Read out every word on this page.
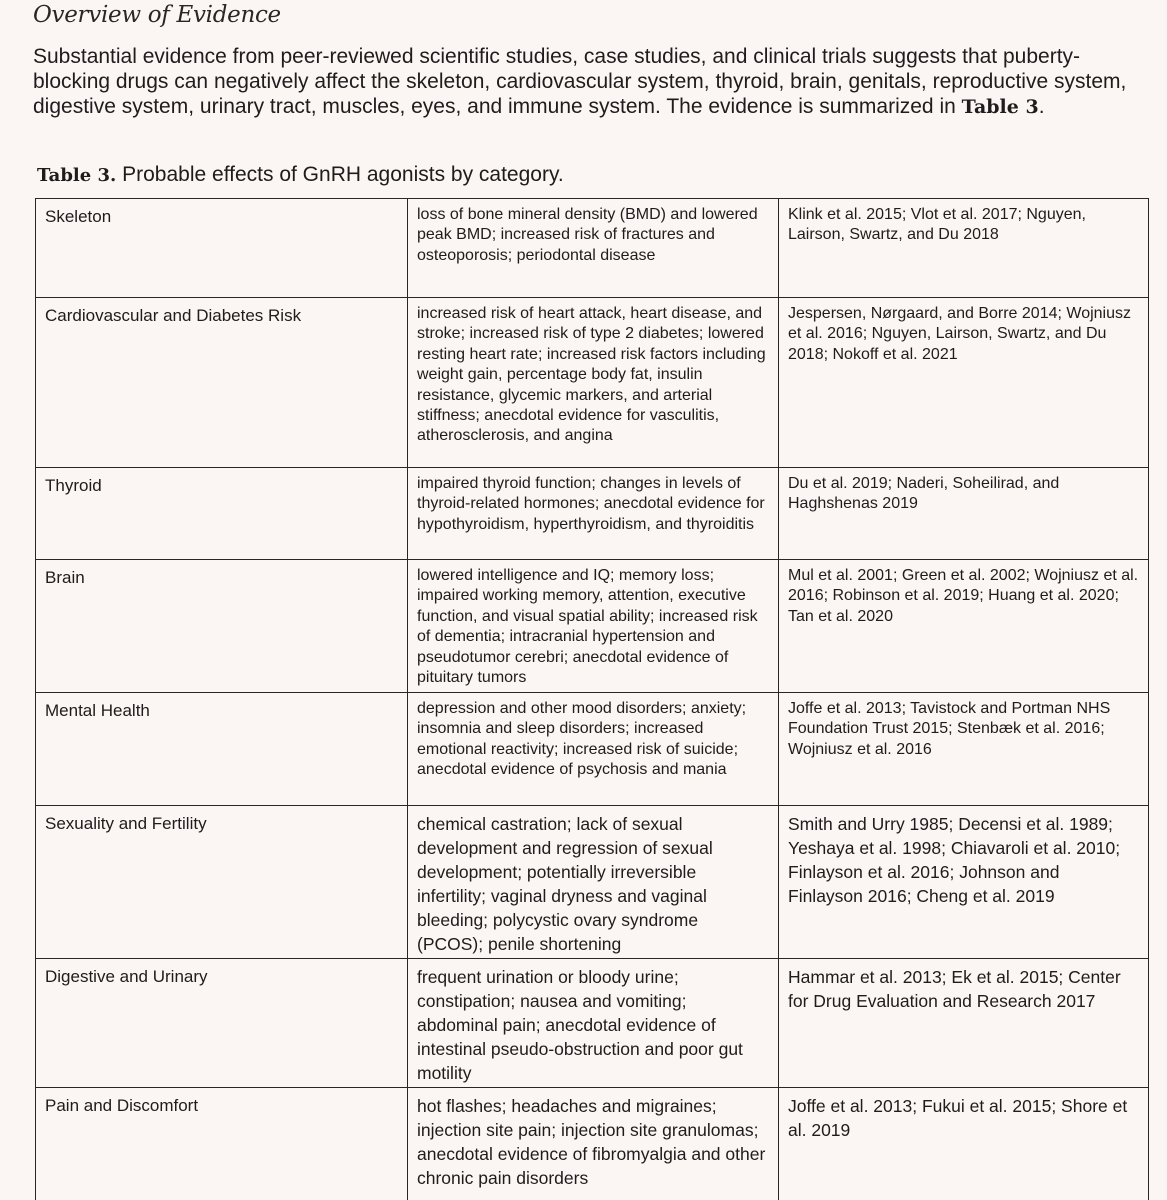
Overview of Evidence

Substantial evidence from peer-reviewed scientific studies, case studies, and clinical trials suggests that puberty-blocking drugs can negatively affect the skeleton, cardiovascular system, thyroid, brain, genitals, reproductive system, digestive system, urinary tract, muscles, eyes, and immune system. The evidence is summarized in Table 3.

Table 3. Probable effects of GnRH agonists by category.

Skeleton	loss of bone mineral density (BMD) and lowered peak BMD; increased risk of fractures and osteoporosis; periodontal disease	Klink et al. 2015; Vlot et al. 2017; Nguyen, Lairson, Swartz, and Du 2018
Cardiovascular and Diabetes Risk	increased risk of heart attack, heart disease, and stroke; increased risk of type 2 diabetes; lowered resting heart rate; increased risk factors including weight gain, percentage body fat, insulin resistance, glycemic markers, and arterial stiffness; anecdotal evidence for vasculitis, atherosclerosis, and angina	Jespersen, Nørgaard, and Borre 2014; Wojniusz et al. 2016; Nguyen, Lairson, Swartz, and Du 2018; Nokoff et al. 2021
Thyroid	impaired thyroid function; changes in levels of thyroid-related hormones; anecdotal evidence for hypothyroidism, hyperthyroidism, and thyroiditis	Du et al. 2019; Naderi, Soheilirad, and Haghshenas 2019
Brain	lowered intelligence and IQ; memory loss; impaired working memory, attention, executive function, and visual spatial ability; increased risk of dementia; intracranial hypertension and pseudotumor cerebri; anecdotal evidence of pituitary tumors	Mul et al. 2001; Green et al. 2002; Wojniusz et al. 2016; Robinson et al. 2019; Huang et al. 2020; Tan et al. 2020
Mental Health	depression and other mood disorders; anxiety; insomnia and sleep disorders; increased emotional reactivity; increased risk of suicide; anecdotal evidence of psychosis and mania	Joffe et al. 2013; Tavistock and Portman NHS Foundation Trust 2015; Stenbæk et al. 2016; Wojniusz et al. 2016
Sexuality and Fertility	chemical castration; lack of sexual development and regression of sexual development; potentially irreversible infertility; vaginal dryness and vaginal bleeding; polycystic ovary syndrome (PCOS); penile shortening	Smith and Urry 1985; Decensi et al. 1989; Yeshaya et al. 1998; Chiavaroli et al. 2010; Finlayson et al. 2016; Johnson and Finlayson 2016; Cheng et al. 2019
Digestive and Urinary	frequent urination or bloody urine; constipation; nausea and vomiting; abdominal pain; anecdotal evidence of intestinal pseudo-obstruction and poor gut motility	Hammar et al. 2013; Ek et al. 2015; Center for Drug Evaluation and Research 2017
Pain and Discomfort	hot flashes; headaches and migraines; injection site pain; injection site granulomas; anecdotal evidence of fibromyalgia and other chronic pain disorders	Joffe et al. 2013; Fukui et al. 2015; Shore et al. 2019
